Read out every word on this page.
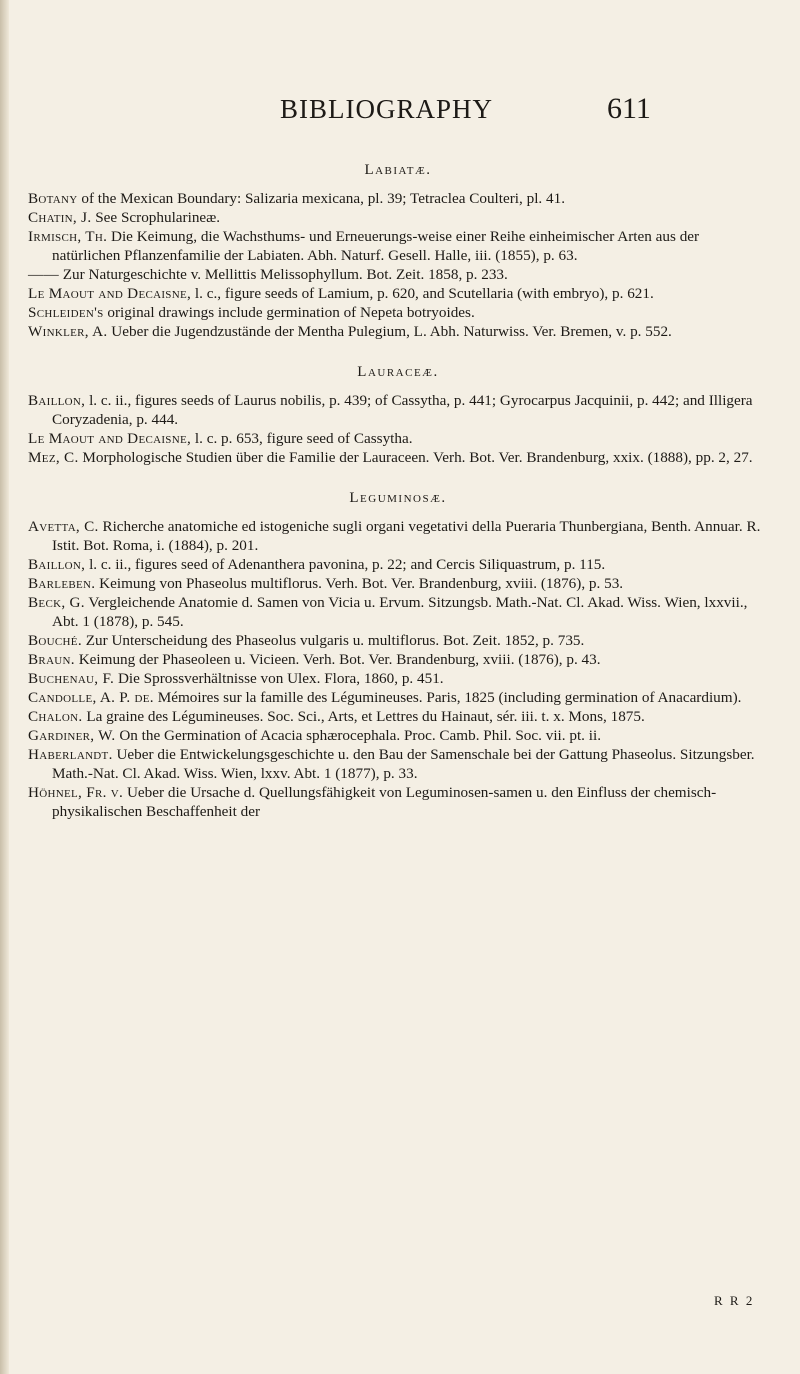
BIBLIOGRAPHY	611
Labiatæ.

Botany of the Mexican Boundary: Salizaria mexicana, pl. 39; Tetraclea Coulteri, pl. 41.

Chatin, J. See Scrophularineæ.

Irmisch, Th. Die Keimung, die Wachsthums- und Erneuerungs-weise einer Reihe einheimischer Arten aus der natürlichen Pflanzenfamilie der Labiaten. Abh. Naturf. Gesell. Halle, iii. (1855), p. 63.

—— Zur Naturgeschichte v. Mellittis Melissophyllum. Bot. Zeit. 1858, p. 233.

Le Maout and Decaisne, l. c., figure seeds of Lamium, p. 620, and Scutellaria (with embryo), p. 621.

Schleiden's original drawings include germination of Nepeta botryoides.

Winkler, A. Ueber die Jugendzustände der Mentha Pulegium, L. Abh. Naturwiss. Ver. Bremen, v. p. 552.

Lauraceæ.

Baillon, l. c. ii., figures seeds of Laurus nobilis, p. 439; of Cassytha, p. 441; Gyrocarpus Jacquinii, p. 442; and Illigera Coryzadenia, p. 444.

Le Maout and Decaisne, l. c. p. 653, figure seed of Cassytha.

Mez, C. Morphologische Studien über die Familie der Lauraceen. Verh. Bot. Ver. Brandenburg, xxix. (1888), pp. 2, 27.

Leguminosæ.

Avetta, C. Richerche anatomiche ed istogeniche sugli organi vegetativi della Pueraria Thunbergiana, Benth. Annuar. R. Istit. Bot. Roma, i. (1884), p. 201.

Baillon, l. c. ii., figures seed of Adenanthera pavonina, p. 22; and Cercis Siliquastrum, p. 115.

Barleben. Keimung von Phaseolus multiflorus. Verh. Bot. Ver. Brandenburg, xviii. (1876), p. 53.

Beck, G. Vergleichende Anatomie d. Samen von Vicia u. Ervum. Sitzungsb. Math.-Nat. Cl. Akad. Wiss. Wien, lxxvii., Abt. 1 (1878), p. 545.

Bouché. Zur Unterscheidung des Phaseolus vulgaris u. multiflorus. Bot. Zeit. 1852, p. 735.

Braun. Keimung der Phaseoleen u. Vicieen. Verh. Bot. Ver. Brandenburg, xviii. (1876), p. 43.

Buchenau, F. Die Sprossverhältnisse von Ulex. Flora, 1860, p. 451.

Candolle, A. P. de. Mémoires sur la famille des Légumineuses. Paris, 1825 (including germination of Anacardium).

Chalon. La graine des Légumineuses. Soc. Sci., Arts, et Lettres du Hainaut, sér. iii. t. x. Mons, 1875.

Gardiner, W. On the Germination of Acacia sphærocephala. Proc. Camb. Phil. Soc. vii. pt. ii.

Haberlandt. Ueber die Entwickelungsgeschichte u. den Bau der Samenschale bei der Gattung Phaseolus. Sitzungsber. Math.-Nat. Cl. Akad. Wiss. Wien, lxxv. Abt. 1 (1877), p. 33.

Höhnel, Fr. v. Ueber die Ursache d. Quellungsfähigkeit von Leguminosen-samen u. den Einfluss der chemisch-physikalischen Beschaffenheit der

R R 2
